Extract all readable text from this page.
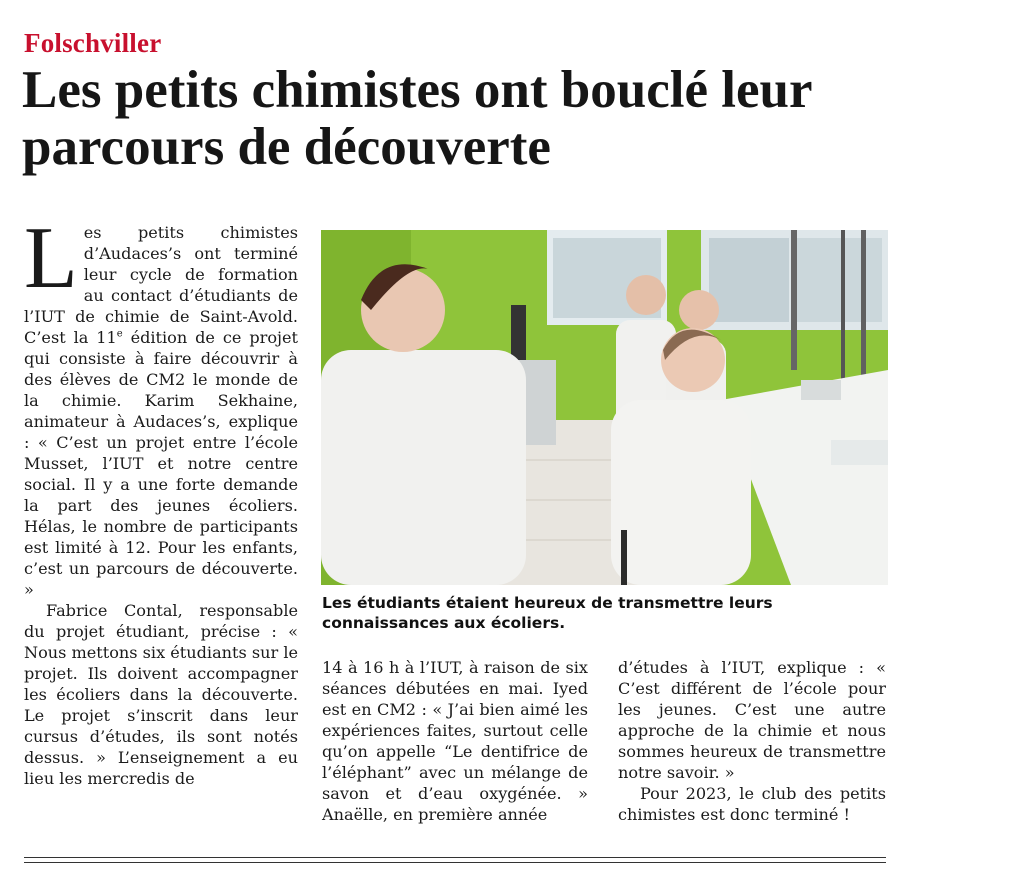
Folschviller
Les petits chimistes ont bouclé leur parcours de découverte

Les petits chimistes d’Audaces’s ont terminé leur cycle de formation au contact d’étudiants de l’IUT de chimie de Saint-Avold. C’est la 11e édition de ce projet qui consiste à faire découvrir à des élèves de CM2 le monde de la chimie. Karim Sekhaine, animateur à Audaces’s, explique : « C’est un projet entre l’école Musset, l’IUT et notre centre social. Il y a une forte demande la part des jeunes écoliers. Hélas, le nombre de participants est limité à 12. Pour les enfants, c’est un parcours de découverte. »

Fabrice Contal, responsable du projet étudiant, précise : « Nous mettons six étudiants sur le projet. Ils doivent accompagner les écoliers dans la découverte. Le projet s’inscrit dans leur cursus d’études, ils sont notés dessus. » L’enseignement a eu lieu les mercredis de

Les étudiants étaient heureux de transmettre leurs connaissances aux écoliers.

14 à 16 h à l’IUT, à raison de six séances débutées en mai. Iyed est en CM2 : « J’ai bien aimé les expériences faites, surtout celle qu’on appelle “Le dentifrice de l’éléphant” avec un mélange de savon et d’eau oxygénée. » Anaëlle, en première année

d’études à l’IUT, explique : « C’est différent de l’école pour les jeunes. C’est une autre approche de la chimie et nous sommes heureux de transmettre notre savoir. »

Pour 2023, le club des petits chimistes est donc terminé !
